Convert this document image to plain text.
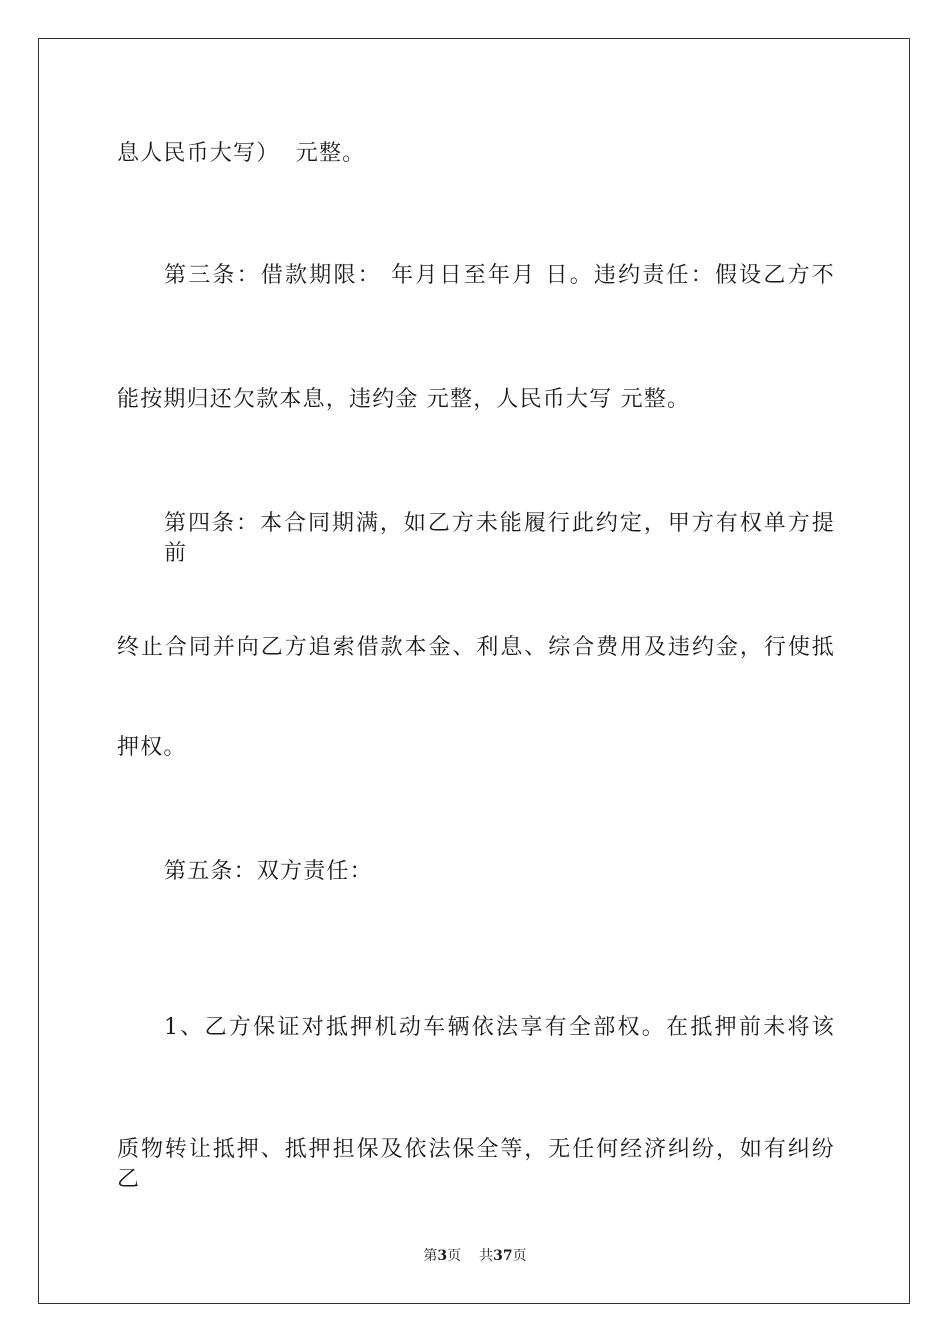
息人民币大写）  元整。
第三条：借款期限： 年月日至年月 日。违约责任：假设乙方不
能按期归还欠款本息，违约金 元整，人民币大写 元整。
第四条：本合同期满，如乙方未能履行此约定，甲方有权单方提前
终止合同并向乙方追索借款本金、利息、综合费用及违约金，行使抵
押权。
第五条：双方责任：
1、乙方保证对抵押机动车辆依法享有全部权。在抵押前未将该
质物转让抵押、抵押担保及依法保全等，无任何经济纠纷，如有纠纷乙
第3页 共37页
